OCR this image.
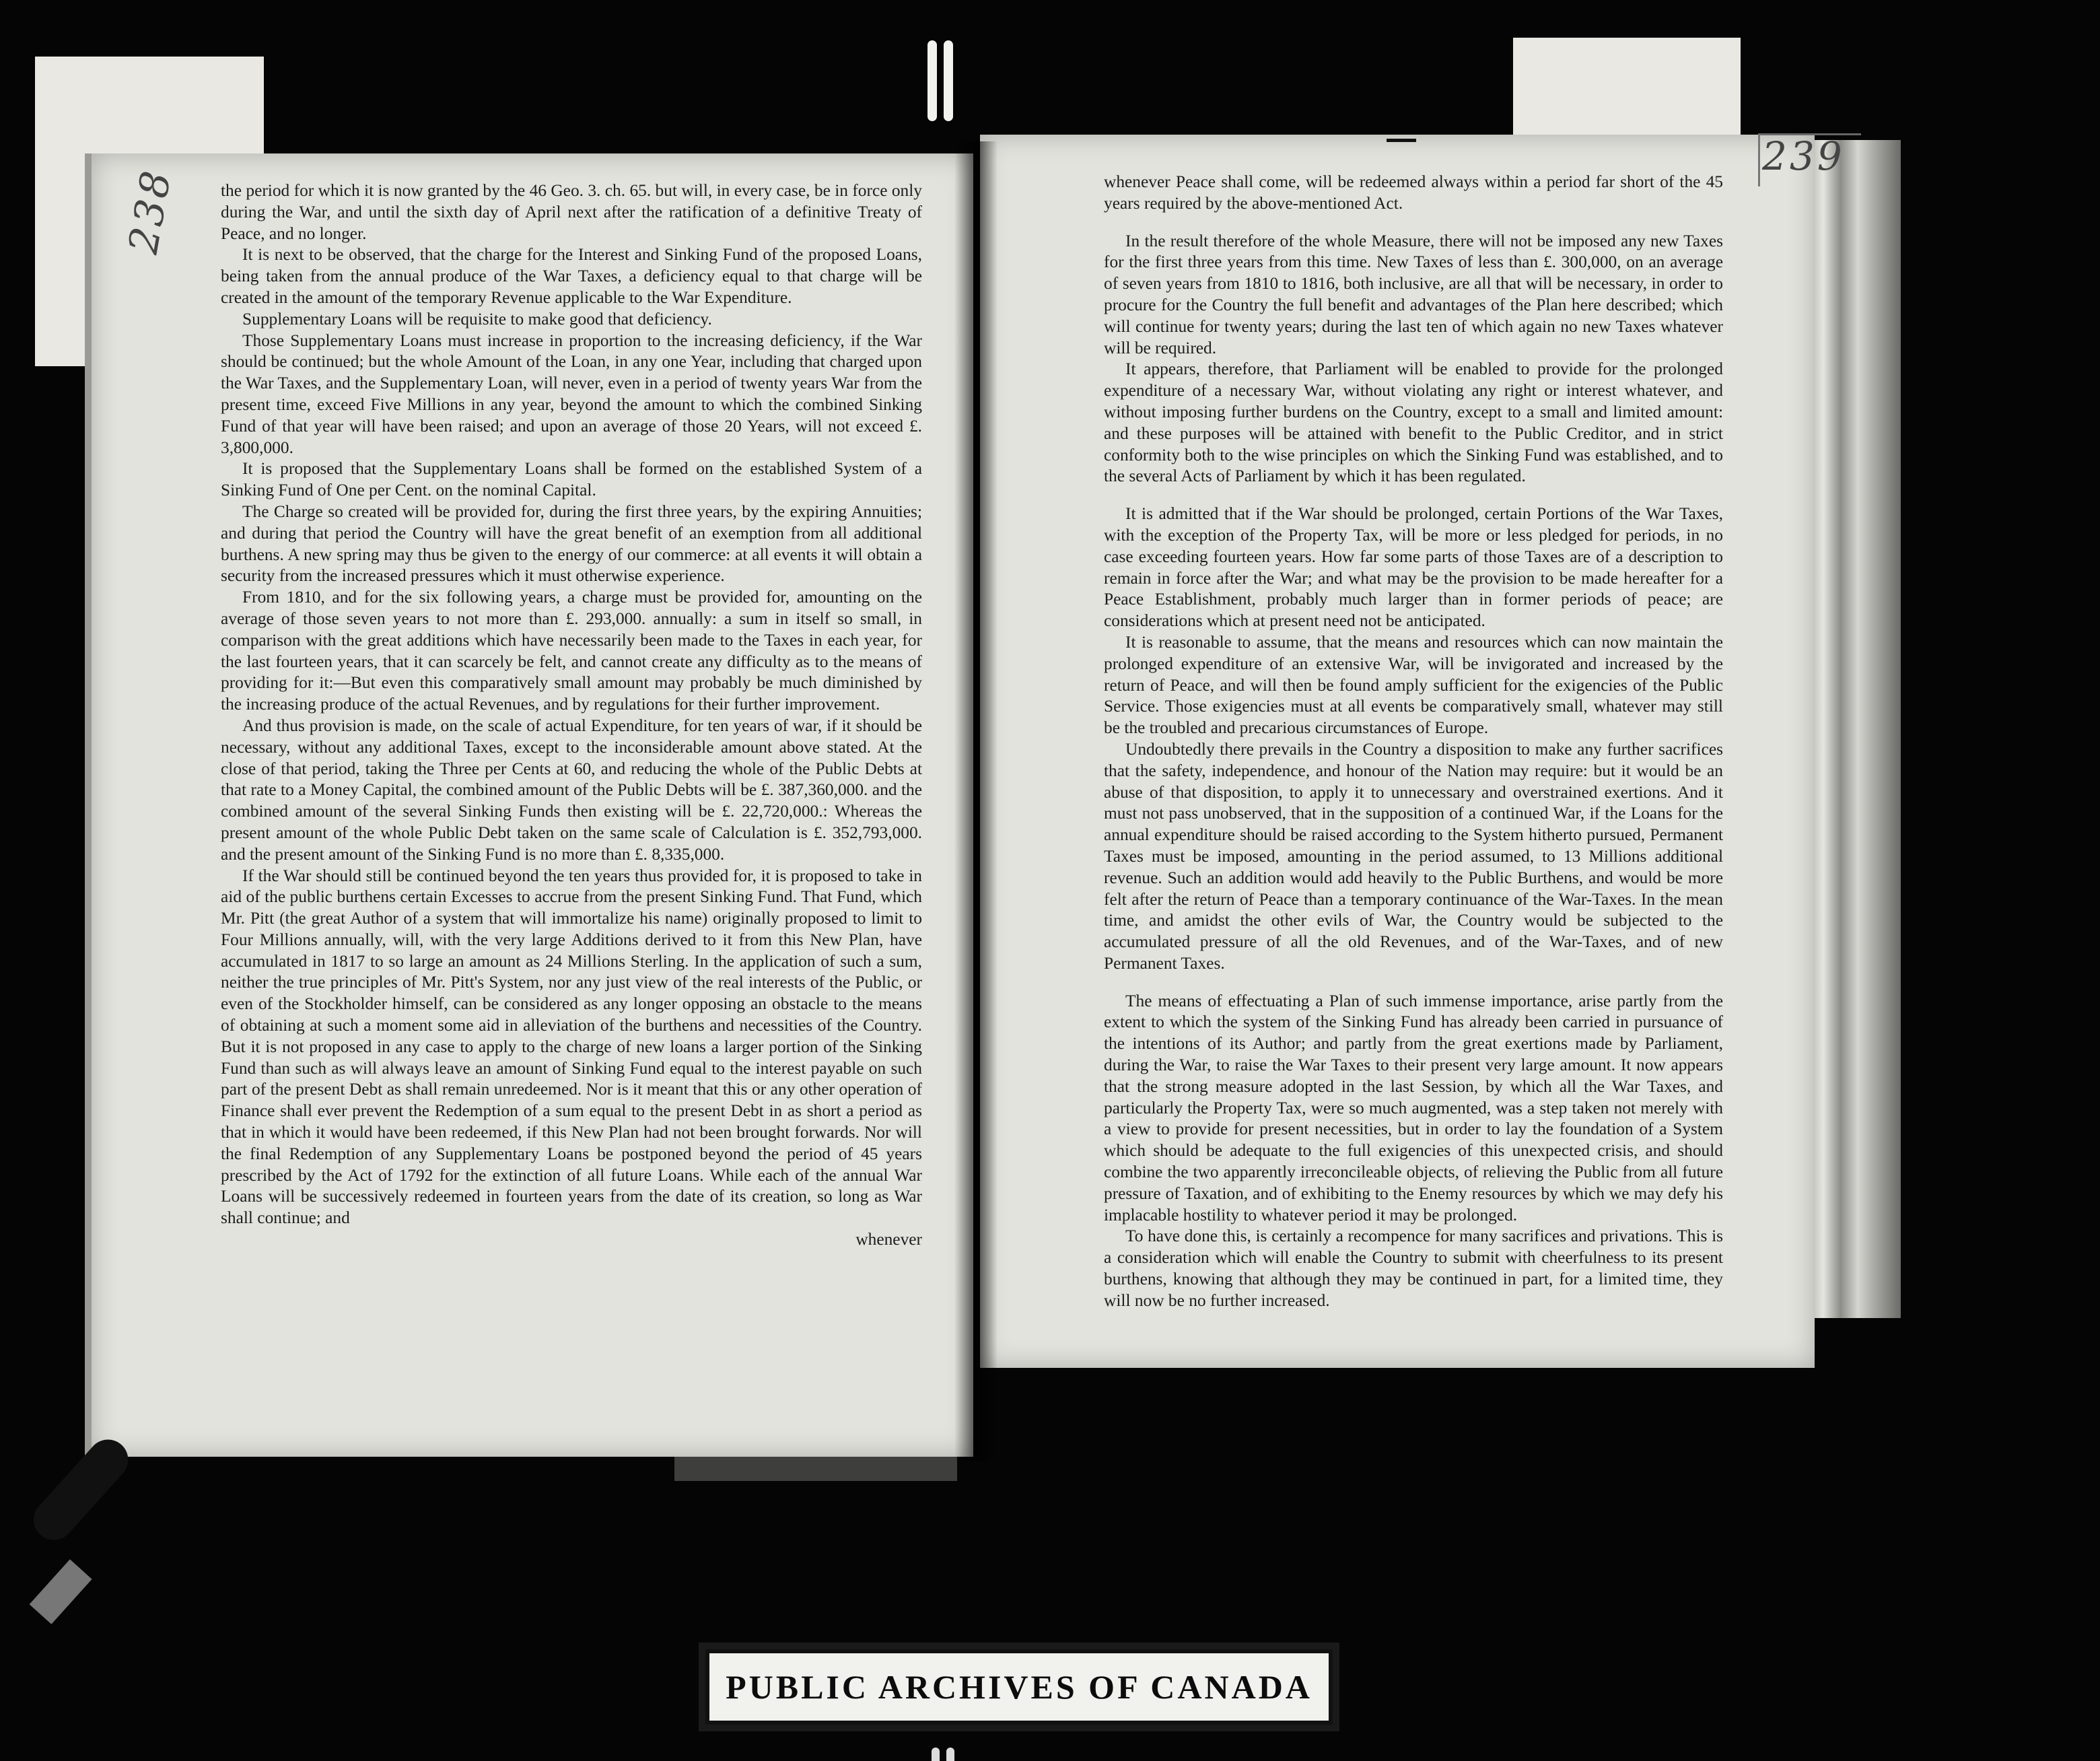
the period for which it is now granted by the 46 Geo. 3. ch. 65. but will, in every case, be in force only during the War, and until the sixth day of April next after the ratification of a definitive Treaty of Peace, and no longer.

It is next to be observed, that the charge for the Interest and Sinking Fund of the proposed Loans, being taken from the annual produce of the War Taxes, a deficiency equal to that charge will be created in the amount of the temporary Revenue applicable to the War Expenditure.

Supplementary Loans will be requisite to make good that deficiency.

Those Supplementary Loans must increase in proportion to the increasing deficiency, if the War should be continued; but the whole Amount of the Loan, in any one Year, including that charged upon the War Taxes, and the Supplementary Loan, will never, even in a period of twenty years War from the present time, exceed Five Millions in any year, beyond the amount to which the combined Sinking Fund of that year will have been raised; and upon an average of those 20 Years, will not exceed £. 3,800,000.

It is proposed that the Supplementary Loans shall be formed on the established System of a Sinking Fund of One per Cent. on the nominal Capital.

The Charge so created will be provided for, during the first three years, by the expiring Annuities; and during that period the Country will have the great benefit of an exemption from all additional burthens. A new spring may thus be given to the energy of our commerce: at all events it will obtain a security from the increased pressures which it must otherwise experience.

From 1810, and for the six following years, a charge must be provided for, amounting on the average of those seven years to not more than £. 293,000. annually: a sum in itself so small, in comparison with the great additions which have necessarily been made to the Taxes in each year, for the last fourteen years, that it can scarcely be felt, and cannot create any difficulty as to the means of providing for it:—But even this comparatively small amount may probably be much diminished by the increasing produce of the actual Revenues, and by regulations for their further improvement.

And thus provision is made, on the scale of actual Expenditure, for ten years of war, if it should be necessary, without any additional Taxes, except to the inconsiderable amount above stated. At the close of that period, taking the Three per Cents at 60, and reducing the whole of the Public Debts at that rate to a Money Capital, the combined amount of the Public Debts will be £. 387,360,000. and the combined amount of the several Sinking Funds then existing will be £. 22,720,000.: Whereas the present amount of the whole Public Debt taken on the same scale of Calculation is £. 352,793,000. and the present amount of the Sinking Fund is no more than £. 8,335,000.

If the War should still be continued beyond the ten years thus provided for, it is proposed to take in aid of the public burthens certain Excesses to accrue from the present Sinking Fund. That Fund, which Mr. Pitt (the great Author of a system that will immortalize his name) originally proposed to limit to Four Millions annually, will, with the very large Additions derived to it from this New Plan, have accumulated in 1817 to so large an amount as 24 Millions Sterling. In the application of such a sum, neither the true principles of Mr. Pitt's System, nor any just view of the real interests of the Public, or even of the Stockholder himself, can be considered as any longer opposing an obstacle to the means of obtaining at such a moment some aid in alleviation of the burthens and necessities of the Country. But it is not proposed in any case to apply to the charge of new loans a larger portion of the Sinking Fund than such as will always leave an amount of Sinking Fund equal to the interest payable on such part of the present Debt as shall remain unredeemed. Nor is it meant that this or any other operation of Finance shall ever prevent the Redemption of a sum equal to the present Debt in as short a period as that in which it would have been redeemed, if this New Plan had not been brought forwards. Nor will the final Redemption of any Supplementary Loans be postponed beyond the period of 45 years prescribed by the Act of 1792 for the extinction of all future Loans. While each of the annual War Loans will be successively redeemed in fourteen years from the date of its creation, so long as War shall continue; and

whenever

whenever Peace shall come, will be redeemed always within a period far short of the 45 years required by the above-mentioned Act.

In the result therefore of the whole Measure, there will not be imposed any new Taxes for the first three years from this time. New Taxes of less than £. 300,000, on an average of seven years from 1810 to 1816, both inclusive, are all that will be necessary, in order to procure for the Country the full benefit and advantages of the Plan here described; which will continue for twenty years; during the last ten of which again no new Taxes whatever will be required.

It appears, therefore, that Parliament will be enabled to provide for the prolonged expenditure of a necessary War, without violating any right or interest whatever, and without imposing further burdens on the Country, except to a small and limited amount: and these purposes will be attained with benefit to the Public Creditor, and in strict conformity both to the wise principles on which the Sinking Fund was established, and to the several Acts of Parliament by which it has been regulated.

It is admitted that if the War should be prolonged, certain Portions of the War Taxes, with the exception of the Property Tax, will be more or less pledged for periods, in no case exceeding fourteen years. How far some parts of those Taxes are of a description to remain in force after the War; and what may be the provision to be made hereafter for a Peace Establishment, probably much larger than in former periods of peace; are considerations which at present need not be anticipated.

It is reasonable to assume, that the means and resources which can now maintain the prolonged expenditure of an extensive War, will be invigorated and increased by the return of Peace, and will then be found amply sufficient for the exigencies of the Public Service. Those exigencies must at all events be comparatively small, whatever may still be the troubled and precarious circumstances of Europe.

Undoubtedly there prevails in the Country a disposition to make any further sacrifices that the safety, independence, and honour of the Nation may require: but it would be an abuse of that disposition, to apply it to unnecessary and overstrained exertions. And it must not pass unobserved, that in the supposition of a continued War, if the Loans for the annual expenditure should be raised according to the System hitherto pursued, Permanent Taxes must be imposed, amounting in the period assumed, to 13 Millions additional revenue. Such an addition would add heavily to the Public Burthens, and would be more felt after the return of Peace than a temporary continuance of the War-Taxes. In the mean time, and amidst the other evils of War, the Country would be subjected to the accumulated pressure of all the old Revenues, and of the War-Taxes, and of new Permanent Taxes.

The means of effectuating a Plan of such immense importance, arise partly from the extent to which the system of the Sinking Fund has already been carried in pursuance of the intentions of its Author; and partly from the great exertions made by Parliament, during the War, to raise the War Taxes to their present very large amount. It now appears that the strong measure adopted in the last Session, by which all the War Taxes, and particularly the Property Tax, were so much augmented, was a step taken not merely with a view to provide for present necessities, but in order to lay the foundation of a System which should be adequate to the full exigencies of this unexpected crisis, and should combine the two apparently irreconcileable objects, of relieving the Public from all future pressure of Taxation, and of exhibiting to the Enemy resources by which we may defy his implacable hostility to whatever period it may be prolonged.

To have done this, is certainly a recompence for many sacrifices and privations. This is a consideration which will enable the Country to submit with cheerfulness to its present burthens, knowing that although they may be continued in part, for a limited time, they will now be no further increased.

238
239
PUBLIC ARCHIVES OF CANADA
